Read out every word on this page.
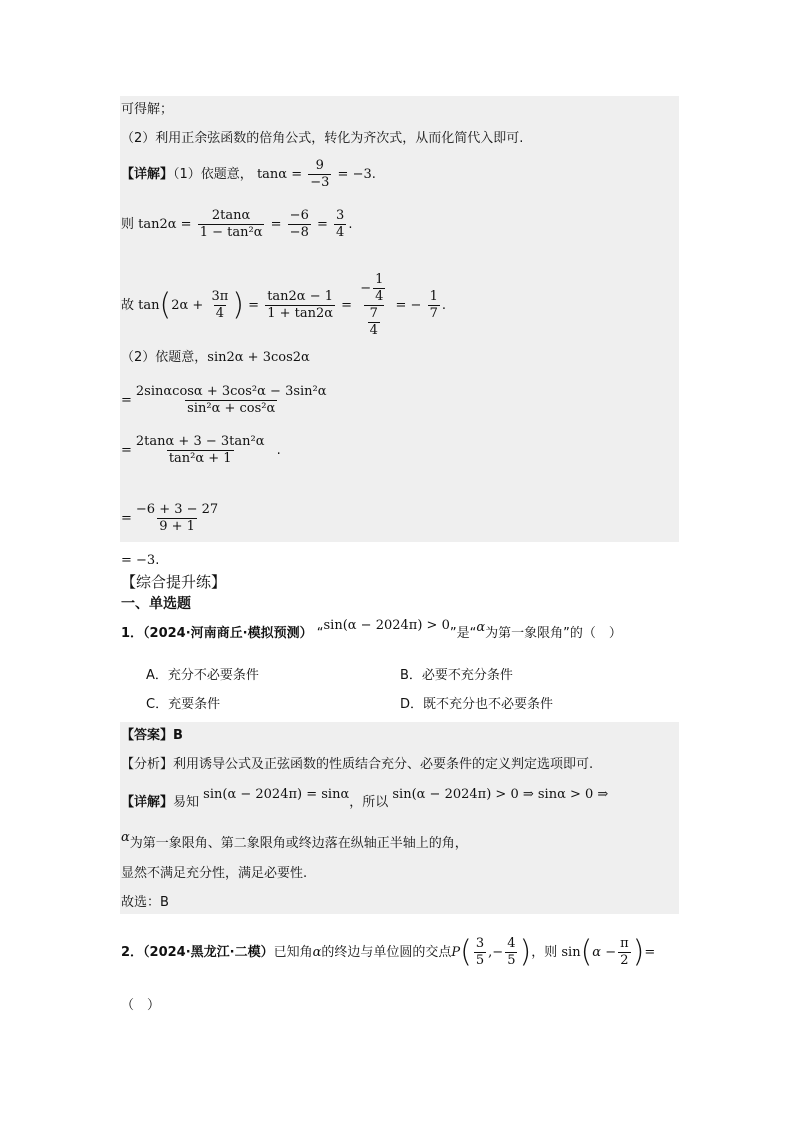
可得解；
（2）利用正余弦函数的倍角公式，转化为齐次式，从而化简代入即可.
【详解】（1）依题意， $\tan\alpha = \frac{9}{-3} = -3$.
则 $\tan 2\alpha = \frac{2\tan\alpha}{\text{1 − tan²α}} = \frac{-6}{-8} = \frac{3}{4}$ .
故 $\tan(2\alpha + \frac{3\pi}{4}$ ) = $\frac{\tan 2\alpha - 1}{1 + \tan 2\alpha} = \frac{- \frac{1}{4}}{\frac{7}{4}}$ = − $\frac{1}{7}$ .
（2）依题意，sin2α + 3cos2α
= $\frac{\text{2sinαcosα + 3cos²α − 3sin²α}}{\text{sin²α + cos²α}}$
= $\frac{\text{2tanα + 3 − 3tan²α}}{\text{tan²α + 1}}$ .
= $\frac{-6 + 3 - 27}{9 + 1}$
= −3.
【综合提升练】
一、单选题
1．（2024·河南商丘·模拟预测） “sin(α − 2024π) > 0”是“α为第一象限角”的（　）
A．充分不必要条件	B．必要不充分条件
C．充要条件	D．既不充分也不必要条件
【答案】B
【分析】利用诱导公式及正弦函数的性质结合充分、必要条件的定义判定选项即可.
【详解】易知 sin(α − 2024π) = sinα，所以 sin(α − 2024π) > 0 ⇒ sinα > 0 ⇒
α为第一象限角、第二象限角或终边落在纵轴正半轴上的角，
显然不满足充分性，满足必要性.
故选：B
2．（2024·黑龙江·二模）已知角α的终边与单位圆的交点$P( \frac{3}{5}$ ,− $\frac{4}{5}$ )，则 $\sin(\alpha - \frac{\pi}{2}$ )=
（　）
